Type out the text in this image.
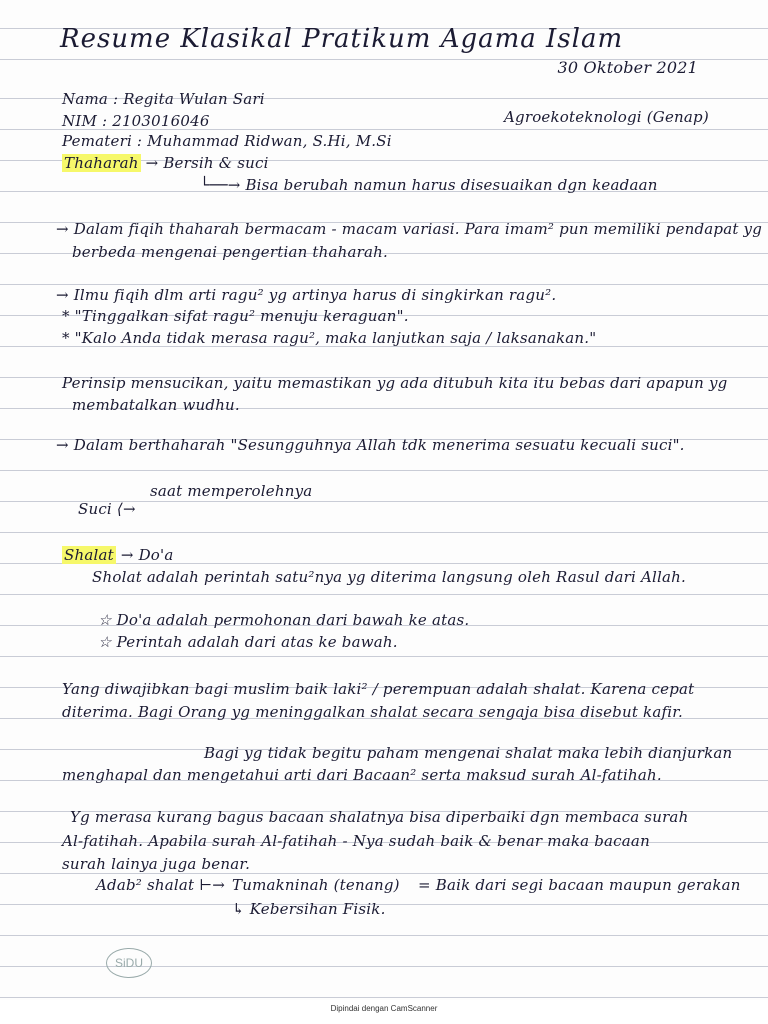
Resume Klasikal Pratikum Agama Islam
30 Oktober 2021
Nama : Regita Wulan Sari
NIM : 2103016046	Agroekoteknologi (Genap)
Pemateri : Muhammad Ridwan, S.Hi, M.Si
Thaharah → Bersih & suci
└──→ Bisa berubah namun harus disesuaikan dgn keadaan
→ Dalam fiqih thaharah bermacam - macam variasi. Para imam² pun memiliki pendapat yg
berbeda mengenai pengertian thaharah.
→ Ilmu fiqih dlm arti ragu² yg artinya harus di singkirkan ragu².
* "Tinggalkan sifat ragu² menuju keraguan".
* "Kalo Anda tidak merasa ragu², maka lanjutkan saja / laksanakan."
Perinsip mensucikan, yaitu memastikan yg ada ditubuh kita itu bebas dari apapun yg
membatalkan wudhu.
→ Dalam berthaharah "Sesungguhnya Allah tdk menerima sesuatu kecuali suci".
saat memperolehnya
Suci ⟨→
Shalat → Do'a
Sholat adalah perintah satu²nya yg diterima langsung oleh Rasul dari Allah.
☆ Do'a adalah permohonan dari bawah ke atas.
☆ Perintah adalah dari atas ke bawah.
Yang diwajibkan bagi muslim baik laki² / perempuan adalah shalat. Karena cepat
diterima. Bagi Orang yg meninggalkan shalat secara sengaja bisa disebut kafir.
Bagi yg tidak begitu paham mengenai shalat maka lebih dianjurkan
menghapal dan mengetahui arti dari Bacaan² serta maksud surah Al-fatihah.
Yg merasa kurang bagus bacaan shalatnya bisa diperbaiki dgn membaca surah
Al-fatihah. Apabila surah Al-fatihah - Nya sudah baik & benar maka bacaan
surah lainya juga benar.
Adab² shalat ⊢→ Tumakninah (tenang) = Baik dari segi bacaan maupun gerakan
↳ Kebersihan Fisik.
SiDU
Dipindai dengan CamScanner
